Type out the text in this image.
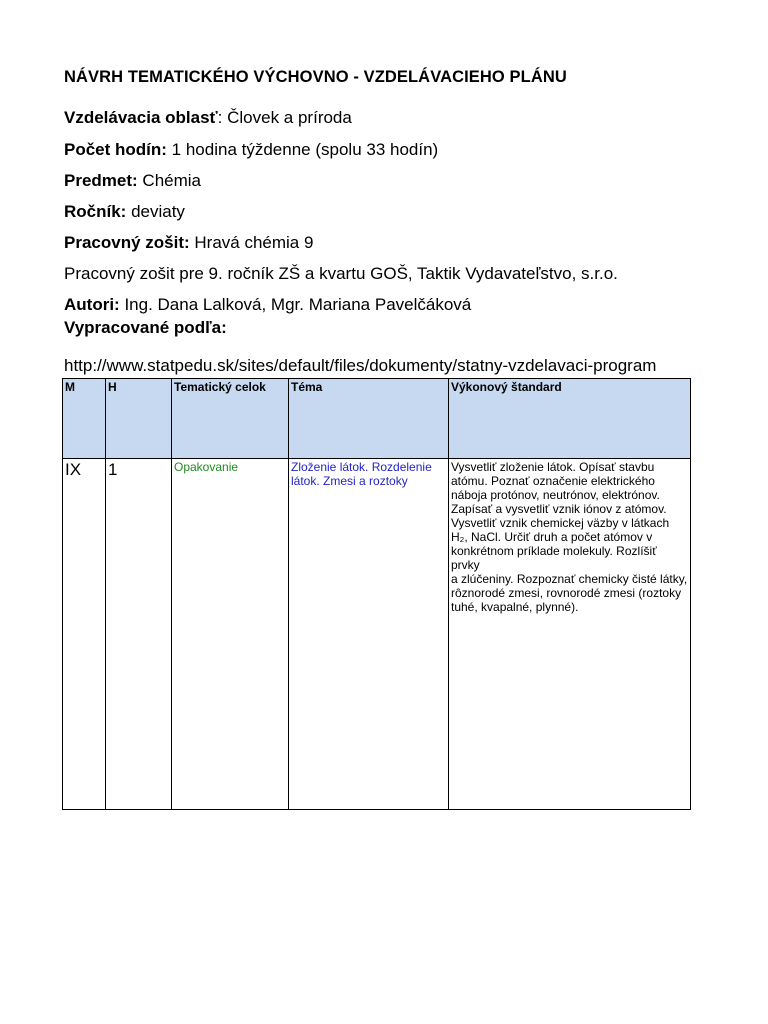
NÁVRH TEMATICKÉHO VÝCHOVNO - VZDELÁVACIEHO PLÁNU
Vzdelávacia oblasť: Človek a príroda
Počet hodín: 1 hodina týždenne (spolu 33 hodín)
Predmet: Chémia
Ročník: deviaty
Pracovný zošit: Hravá chémia 9
Pracovný zošit pre 9. ročník ZŠ a kvartu GOŠ, Taktik Vydavateľstvo, s.r.o.
Autori: Ing. Dana Lalková, Mgr. Mariana Pavelčáková
Vypracované podľa:
http://www.statpedu.sk/sites/default/files/dokumenty/statny-vzdelavaci-program
M	H	Tematický celok	Téma	Výkonový štandard
IX	1	Opakovanie	Zloženie látok. Rozdelenie látok. Zmesi a roztoky	Vysvetliť zloženie látok. Opísať stavbu atómu. Poznať označenie elektrického náboja protónov, neutrónov, elektrónov. Zapísať a vysvetliť vznik iónov z atómov. Vysvetliť vznik chemickej väzby v látkach H₂, NaCl. Určiť druh a počet atómov v konkrétnom príklade molekuly. Rozlíšiť prvky
a zlúčeniny. Rozpoznať chemicky čisté látky, rôznorodé zmesi, rovnorodé zmesi (roztoky tuhé, kvapalné, plynné).
